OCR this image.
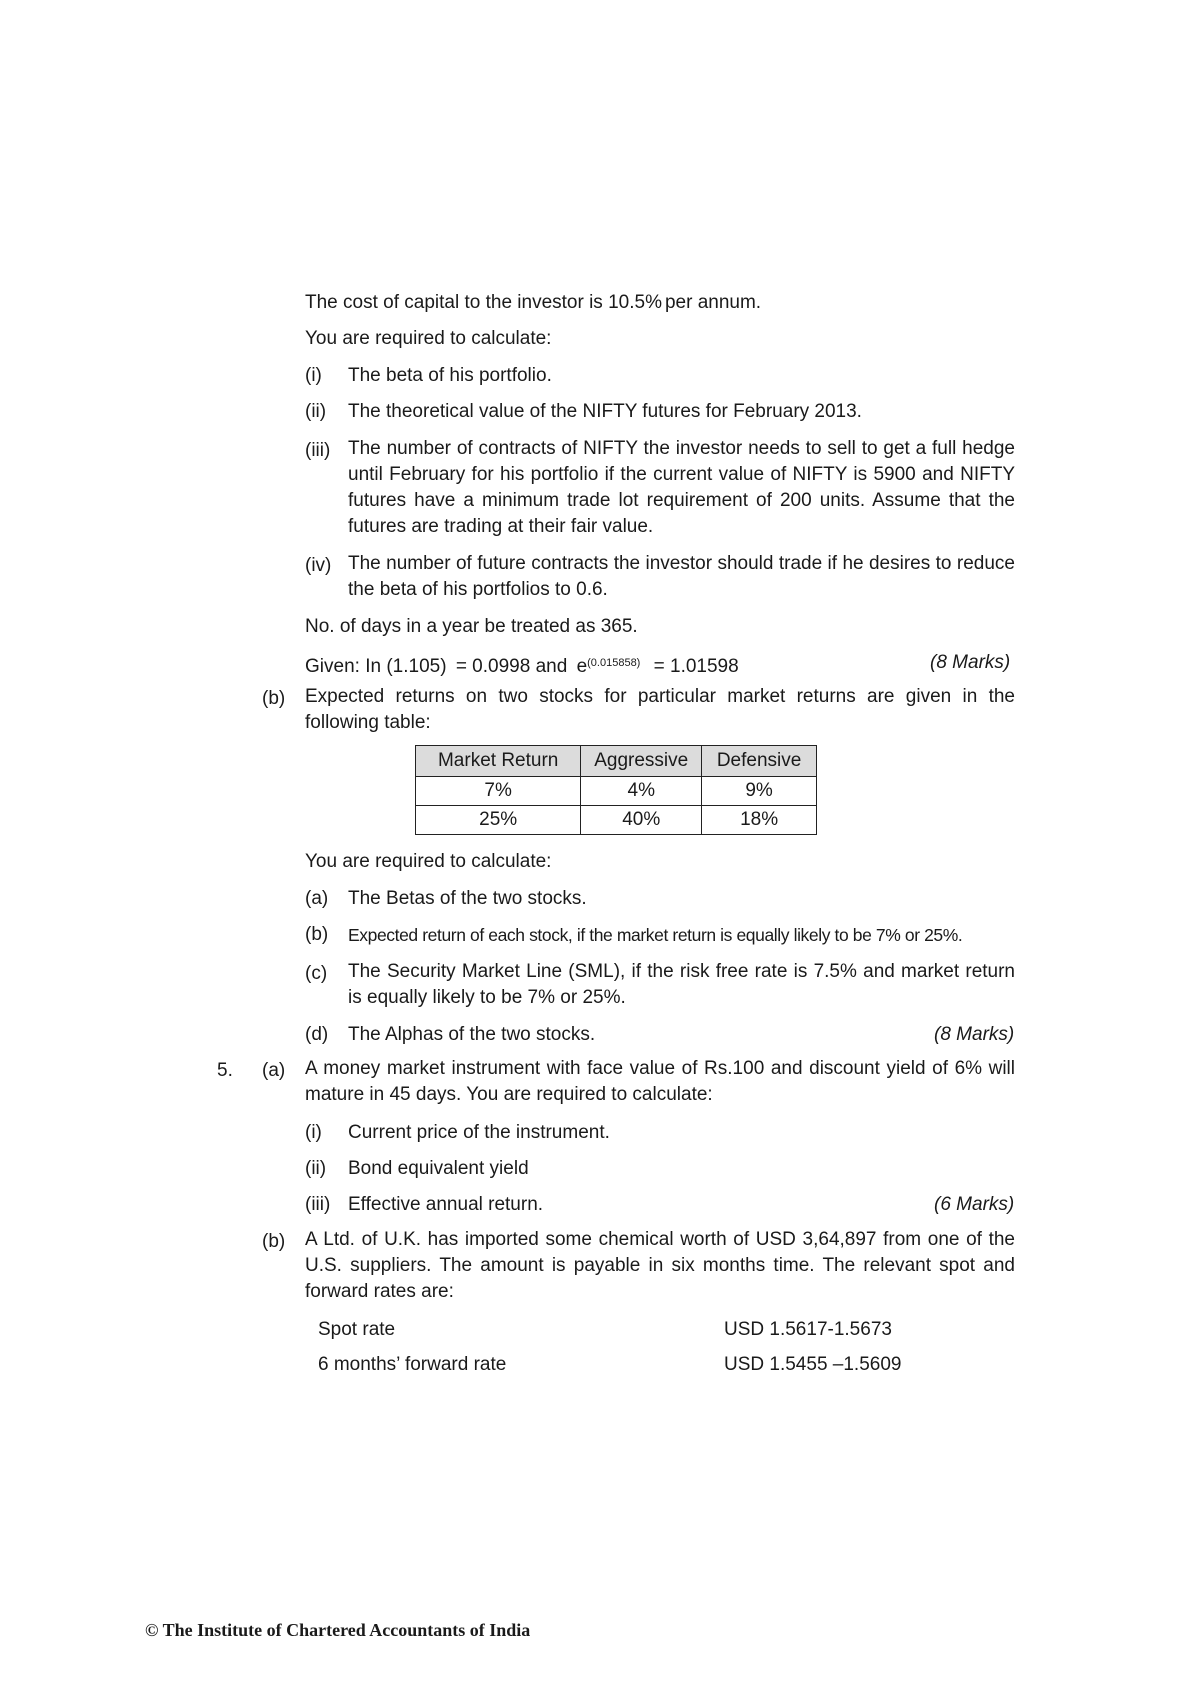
The cost of capital to the investor is 10.5% per annum.
You are required to calculate:
(i) The beta of his portfolio.
(ii) The theoretical value of the NIFTY futures for February 2013.
(iii) The number of contracts of NIFTY the investor needs to sell to get a full hedge until February for his portfolio if the current value of NIFTY is 5900 and NIFTY futures have a minimum trade lot requirement of 200 units. Assume that the futures are trading at their fair value.
(iv) The number of future contracts the investor should trade if he desires to reduce the beta of his portfolios to 0.6.
No. of days in a year be treated as 365.
Given: In (1.105) = 0.0998 and $e^{(0.015858)} = 1.01598$	(8 Marks)
(b) Expected returns on two stocks for particular market returns are given in the following table:
Market Return	Aggressive	Defensive
7%	4%	9%
25%	40%	18%
You are required to calculate:
(a) The Betas of the two stocks.
(b) Expected return of each stock, if the market return is equally likely to be 7% or 25%.
(c) The Security Market Line (SML), if the risk free rate is 7.5% and market return is equally likely to be 7% or 25%.
(d) The Alphas of the two stocks.	(8 Marks)
5. (a) A money market instrument with face value of Rs.100 and discount yield of 6% will mature in 45 days. You are required to calculate:
(i) Current price of the instrument.
(ii) Bond equivalent yield
(iii) Effective annual return.	(6 Marks)
(b) A Ltd. of U.K. has imported some chemical worth of USD 3,64,897 from one of the U.S. suppliers. The amount is payable in six months time. The relevant spot and forward rates are:
Spot rate	USD 1.5617-1.5673
6 months’ forward rate	USD 1.5455 –1.5609
© The Institute of Chartered Accountants of India
